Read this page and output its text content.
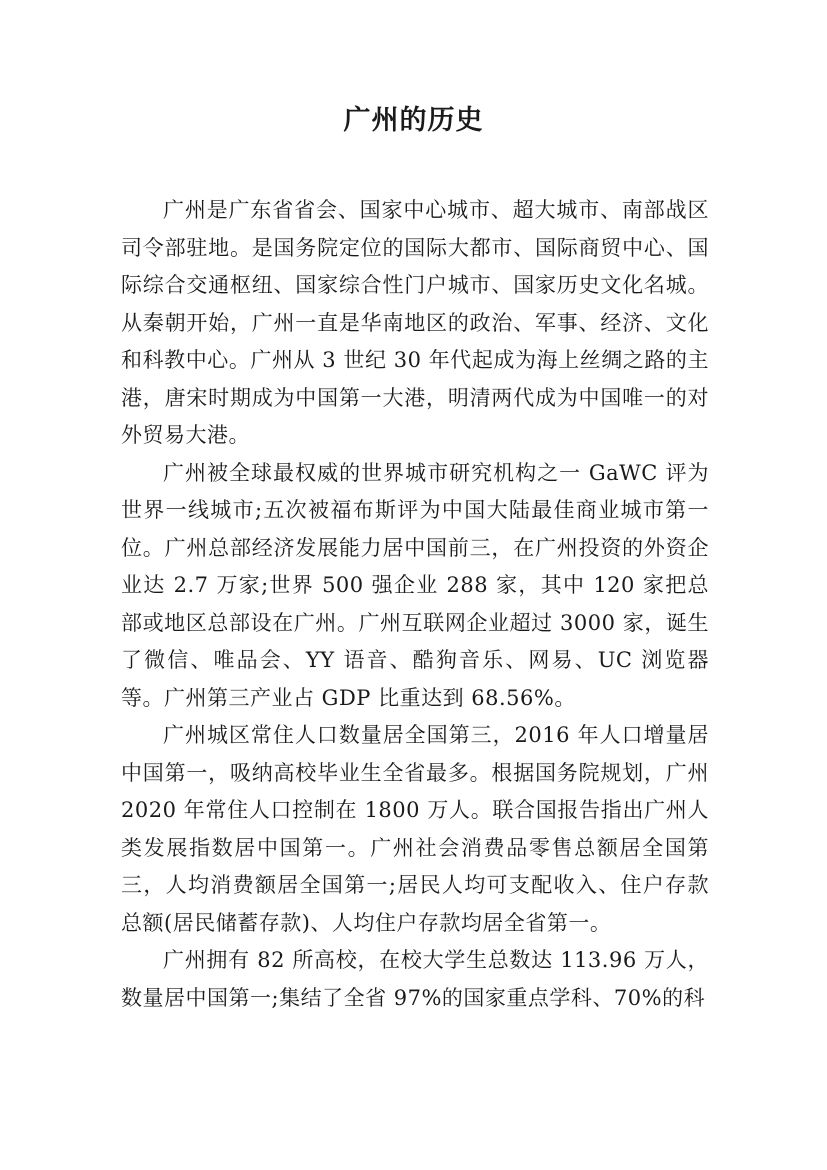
广州的历史

广州是广东省省会、国家中心城市、超大城市、南部战区司令部驻地。是国务院定位的国际大都市、国际商贸中心、国际综合交通枢纽、国家综合性门户城市、国家历史文化名城。从秦朝开始，广州一直是华南地区的政治、军事、经济、文化和科教中心。广州从 3 世纪 30 年代起成为海上丝绸之路的主港，唐宋时期成为中国第一大港，明清两代成为中国唯一的对外贸易大港。

广州被全球最权威的世界城市研究机构之一 GaWC 评为世界一线城市;五次被福布斯评为中国大陆最佳商业城市第一位。广州总部经济发展能力居中国前三，在广州投资的外资企业达 2.7 万家;世界 500 强企业 288 家，其中 120 家把总部或地区总部设在广州。广州互联网企业超过 3000 家，诞生了微信、唯品会、YY 语音、酷狗音乐、网易、UC 浏览器等。广州第三产业占 GDP 比重达到 68.56%。

广州城区常住人口数量居全国第三，2016 年人口增量居中国第一，吸纳高校毕业生全省最多。根据国务院规划，广州 2020 年常住人口控制在 1800 万人。联合国报告指出广州人类发展指数居中国第一。广州社会消费品零售总额居全国第三，人均消费额居全国第一;居民人均可支配收入、住户存款总额(居民储蓄存款)、人均住户存款均居全省第一。

广州拥有 82 所高校，在校大学生总数达 113.96 万人，数量居中国第一;集结了全省 97%的国家重点学科、70%的科
